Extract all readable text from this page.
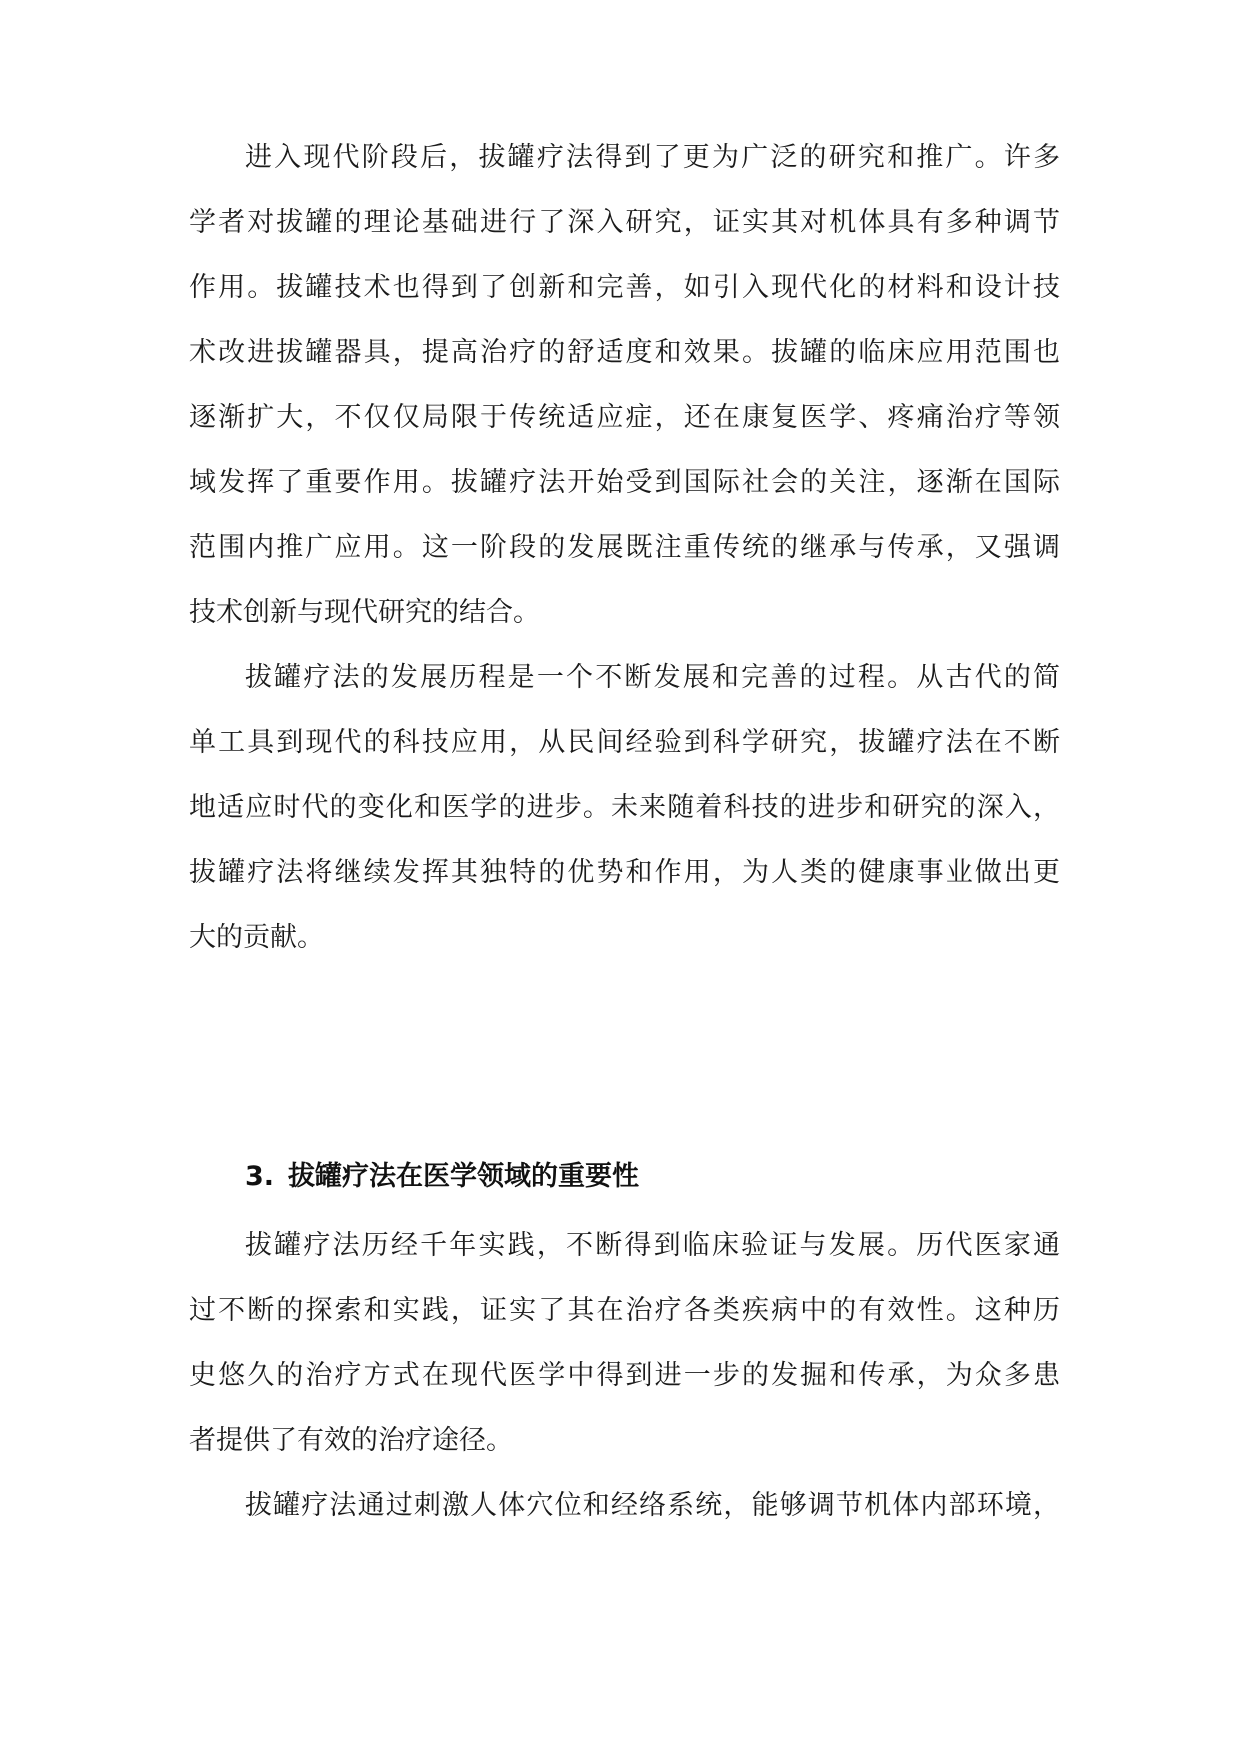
进入现代阶段后，拔罐疗法得到了更为广泛的研究和推广。许多
学者对拔罐的理论基础进行了深入研究，证实其对机体具有多种调节
作用。拔罐技术也得到了创新和完善，如引入现代化的材料和设计技
术改进拔罐器具，提高治疗的舒适度和效果。拔罐的临床应用范围也
逐渐扩大，不仅仅局限于传统适应症，还在康复医学、疼痛治疗等领
域发挥了重要作用。拔罐疗法开始受到国际社会的关注，逐渐在国际
范围内推广应用。这一阶段的发展既注重传统的继承与传承，又强调
技术创新与现代研究的结合。
拔罐疗法的发展历程是一个不断发展和完善的过程。从古代的简
单工具到现代的科技应用，从民间经验到科学研究，拔罐疗法在不断
地适应时代的变化和医学的进步。未来随着科技的进步和研究的深入，
拔罐疗法将继续发挥其独特的优势和作用，为人类的健康事业做出更
大的贡献。
3. 拔罐疗法在医学领域的重要性
拔罐疗法历经千年实践，不断得到临床验证与发展。历代医家通
过不断的探索和实践，证实了其在治疗各类疾病中的有效性。这种历
史悠久的治疗方式在现代医学中得到进一步的发掘和传承，为众多患
者提供了有效的治疗途径。
拔罐疗法通过刺激人体穴位和经络系统，能够调节机体内部环境，
